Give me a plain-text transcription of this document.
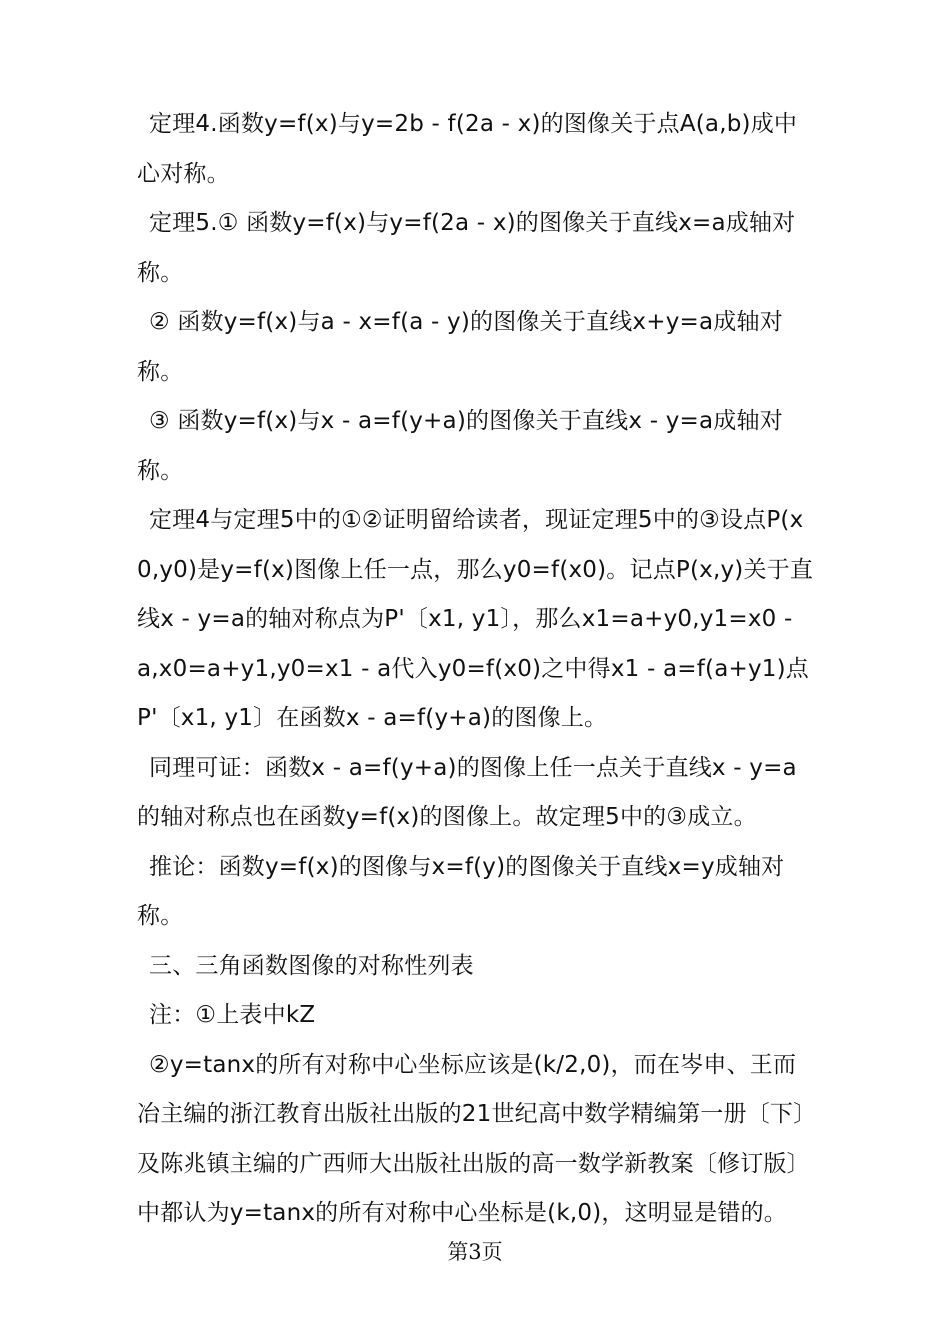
定理4.函数y=f(x)与y=2b - f(2a - x)的图像关于点A(a,b)成中心对称。

定理5.① 函数y=f(x)与y=f(2a - x)的图像关于直线x=a成轴对称。

② 函数y=f(x)与a - x=f(a - y)的图像关于直线x+y=a成轴对称。

③ 函数y=f(x)与x - a=f(y+a)的图像关于直线x - y=a成轴对称。

定理4与定理5中的①②证明留给读者，现证定理5中的③设点P(x0,y0)是y=f(x)图像上任一点，那么y0=f(x0)。记点P(x,y)关于直线x - y=a的轴对称点为P'〔x1, y1〕，那么x1=a+y0,y1=x0 - a,x0=a+y1,y0=x1 - a代入y0=f(x0)之中得x1 - a=f(a+y1)点P'〔x1, y1〕在函数x - a=f(y+a)的图像上。

同理可证：函数x - a=f(y+a)的图像上任一点关于直线x - y=a的轴对称点也在函数y=f(x)的图像上。故定理5中的③成立。

推论：函数y=f(x)的图像与x=f(y)的图像关于直线x=y成轴对称。

三、三角函数图像的对称性列表

注：①上表中kZ

②y=tanx的所有对称中心坐标应该是(k/2,0)，而在岑申、王而冶主编的浙江教育出版社出版的21世纪高中数学精编第一册〔下〕及陈兆镇主编的广西师大出版社出版的高一数学新教案〔修订版〕中都认为y=tanx的所有对称中心坐标是(k,0)，这明显是错的。

第3页
